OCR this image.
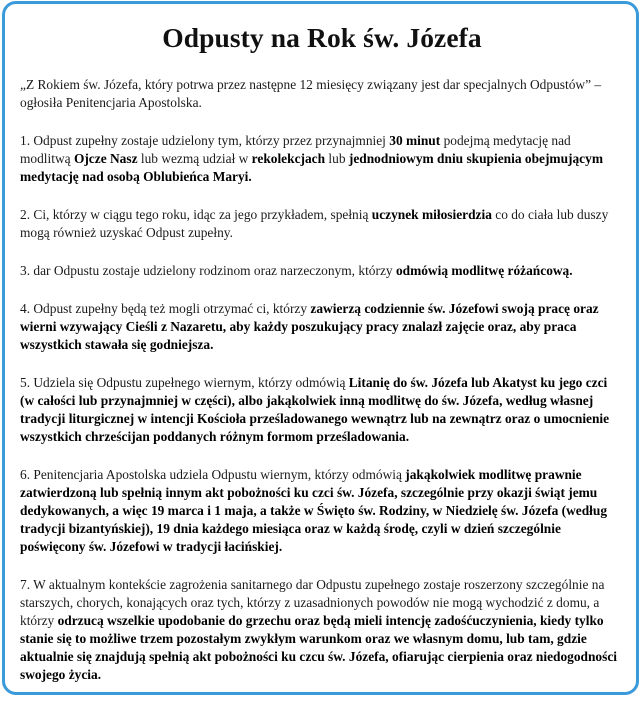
Odpusty na Rok św. Józefa

„Z Rokiem św. Józefa, który potrwa przez następne 12 miesięcy związany jest dar specjalnych Odpustów” – ogłosiła Penitencjaria Apostolska.

1. Odpust zupełny zostaje udzielony tym, którzy przez przynajmniej 30 minut podejmą medytację nad modlitwą Ojcze Nasz lub wezmą udział w rekolekcjach lub jednodniowym dniu skupienia obejmującym medytację nad osobą Oblubieńca Maryi.

2. Ci, którzy w ciągu tego roku, idąc za jego przykładem, spełnią uczynek miłosierdzia co do ciała lub duszy mogą również uzyskać Odpust zupełny.

3. dar Odpustu zostaje udzielony rodzinom oraz narzeczonym, którzy odmówią modlitwę różańcową.

4. Odpust zupełny będą też mogli otrzymać ci, którzy zawierzą codziennie św. Józefowi swoją pracę oraz wierni wzywający Cieśli z Nazaretu, aby każdy poszukujący pracy znalazł zajęcie oraz, aby praca wszystkich stawała się godniejsza.

5. Udziela się Odpustu zupełnego wiernym, którzy odmówią Litanię do św. Józefa lub Akatyst ku jego czci (w całości lub przynajmniej w części), albo jakąkolwiek inną modlitwę do św. Józefa, według własnej tradycji liturgicznej w intencji Kościoła prześladowanego wewnątrz lub na zewnątrz oraz o umocnienie wszystkich chrześcijan poddanych różnym formom prześladowania.

6. Penitencjaria Apostolska udziela Odpustu wiernym, którzy odmówią jakąkolwiek modlitwę prawnie zatwierdzoną lub spełnią innym akt pobożności ku czci św. Józefa, szczególnie przy okazji świąt jemu dedykowanych, a więc 19 marca i 1 maja, a także w Święto św. Rodziny, w Niedzielę św. Józefa (według tradycji bizantyńskiej), 19 dnia każdego miesiąca oraz w każdą środę, czyli w dzień szczególnie poświęcony św. Józefowi w tradycji łacińskiej.

7. W aktualnym kontekście zagrożenia sanitarnego dar Odpustu zupełnego zostaje roszerzony szczególnie na starszych, chorych, konających oraz tych, którzy z uzasadnionych powodów nie mogą wychodzić z domu, a którzy odrzucą wszelkie upodobanie do grzechu oraz będą mieli intencję zadośćuczynienia, kiedy tylko stanie się to możliwe trzem pozostałym zwykłym warunkom oraz we własnym domu, lub tam, gdzie aktualnie się znajdują spełnią akt pobożności ku czcu św. Józefa, ofiarując cierpienia oraz niedogodności swojego życia.
